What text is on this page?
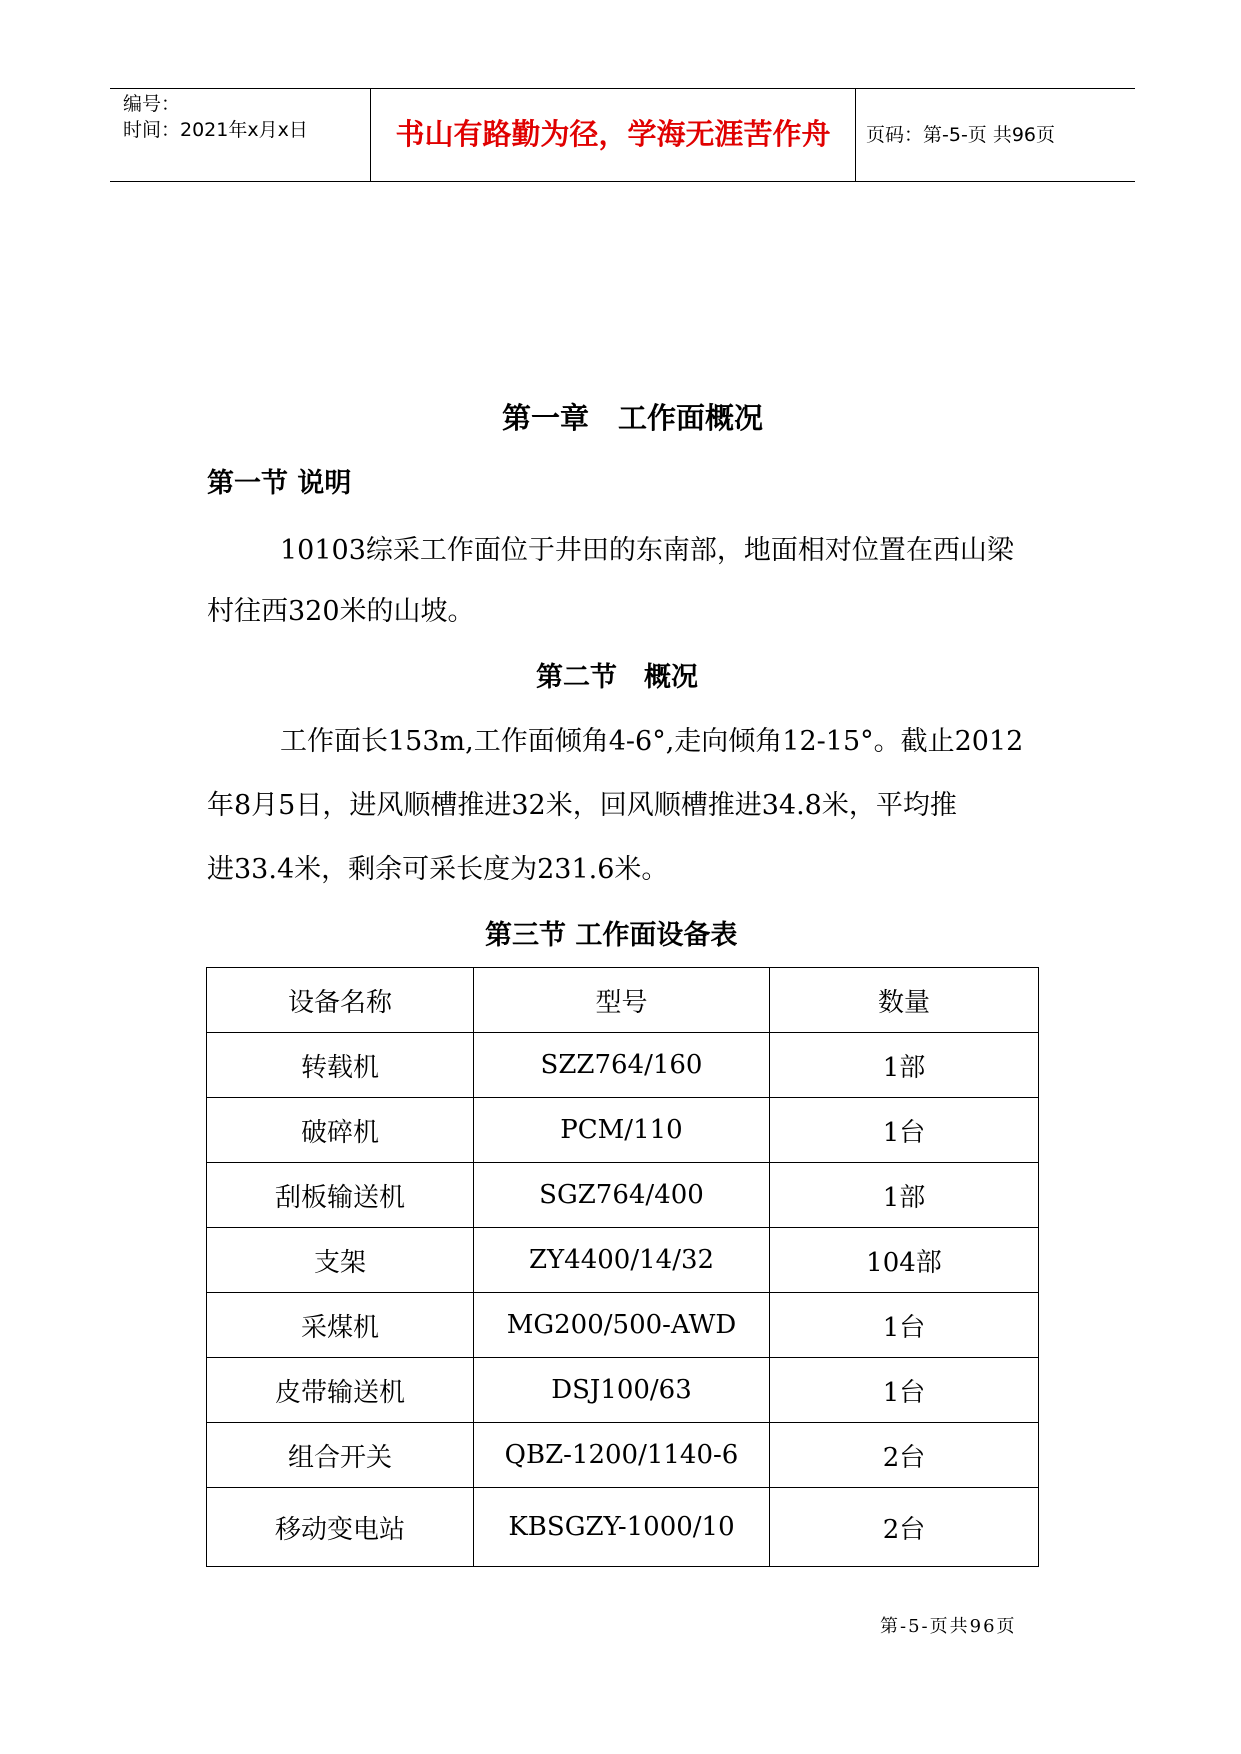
编号：
时间：2021年x月x日	书山有路勤为径，学海无涯苦作舟	页码：第-5-页 共96页
第一章　工作面概况
第一节 说明
10103综采工作面位于井田的东南部，地面相对位置在西山梁
村往西320米的山坡。
第二节　概况
工作面长153m,工作面倾角4-6°,走向倾角12-15°。截止2012
年8月5日，进风顺槽推进32米，回风顺槽推进34.8米，平均推
进33.4米，剩余可采长度为231.6米。
第三节 工作面设备表
设备名称	型号	数量
转载机	SZZ764/160	1部
破碎机	PCM/110	1台
刮板输送机	SGZ764/400	1部
支架	ZY4400/14/32	104部
采煤机	MG200/500-AWD	1台
皮带输送机	DSJ100/63	1台
组合开关	QBZ-1200/1140-6	2台
移动变电站	KBSGZY-1000/10	2台
第-5-页共96页
